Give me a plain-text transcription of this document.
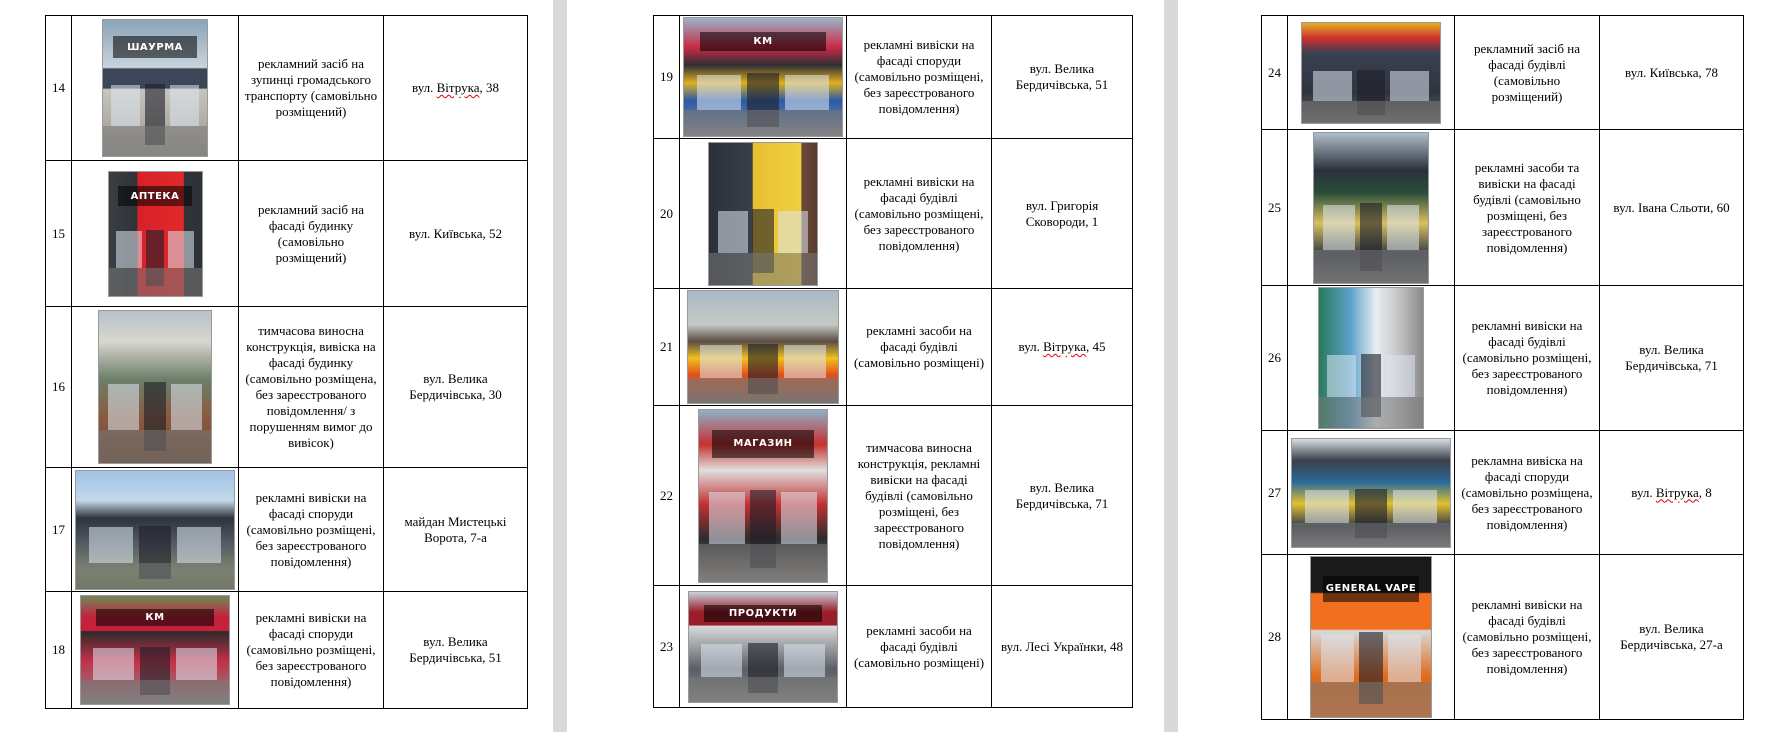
14	ШАУРМА	рекламний засіб на зупинці громадського транспорту (самовільно розміщений)	вул. Вітрука, 38
15	АПТЕКА	рекламний засіб на фасаді будинку (самовільно розміщений)	вул. Київська, 52
16		тимчасова виносна конструкція, вивіска на фасаді будинку (самовільно розміщена, без зареєстрованого повідомлення/ з порушенням вимог до вивісок)	вул. Велика Бердичівська, 30
17		рекламні вивіски на фасаді споруди (самовільно розміщені, без зареєстрованого повідомлення)	майдан Мистецькі Ворота, 7-а
18	КМ	рекламні вивіски на фасаді споруди (самовільно розміщені, без зареєстрованого повідомлення)	вул. Велика Бердичівська, 51
19	КМ	рекламні вивіски на фасаді споруди (самовільно розміщені, без зареєстрованого повідомлення)	вул. Велика Бердичівська, 51
20		рекламні вивіски на фасаді будівлі (самовільно розміщені, без зареєстрованого повідомлення)	вул. Григорія Сковороди, 1
21		рекламні засоби на фасаді будівлі (самовільно розміщені)	вул. Вітрука, 45
22	МАГАЗИН	тимчасова виносна конструкція, рекламні вивіски на фасаді будівлі (самовільно розміщені, без зареєстрованого повідомлення)	вул. Велика Бердичівська, 71
23	ПРОДУКТИ	рекламні засоби на фасаді будівлі (самовільно розміщені)	вул. Лесі Українки, 48
24		рекламний засіб на фасаді будівлі (самовільно розміщений)	вул. Київська, 78
25		рекламні засоби та вивіски на фасаді будівлі (самовільно розміщені, без зареєстрованого повідомлення)	вул. Івана Сльоти, 60
26		рекламні вивіски на фасаді будівлі (самовільно розміщені, без зареєстрованого повідомлення)	вул. Велика Бердичівська, 71
27		рекламна вивіска на фасаді споруди (самовільно розміщена, без зареєстрованого повідомлення)	вул. Вітрука, 8
28	GENERAL VAPE	рекламні вивіски на фасаді будівлі (самовільно розміщені, без зареєстрованого повідомлення)	вул. Велика Бердичівська, 27-а
